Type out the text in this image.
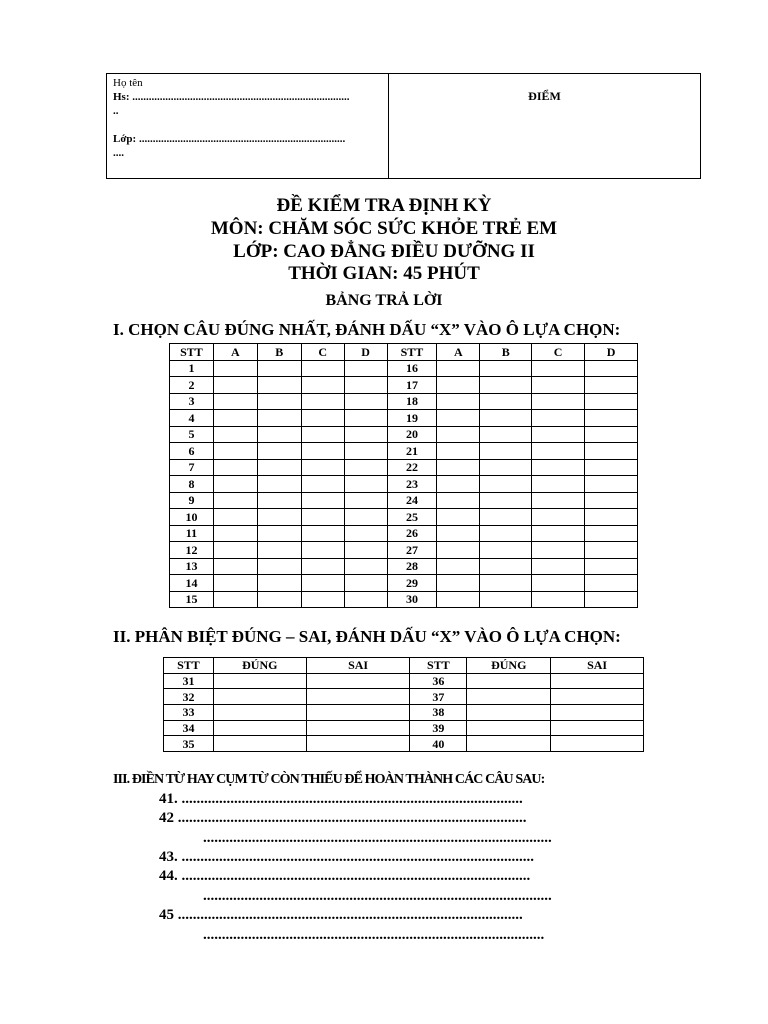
Họ tên
Hs: ...............................................................................
..
Lớp: ...........................................................................
....
ĐIỂM
ĐỀ KIỂM TRA ĐỊNH KỲ
MÔN: CHĂM SÓC SỨC KHỎE TRẺ EM
LỚP: CAO ĐẲNG ĐIỀU DƯỠNG II
THỜI GIAN: 45 PHÚT
BẢNG TRẢ LỜI
I. CHỌN CÂU ĐÚNG NHẤT, ĐÁNH DẤU “X” VÀO Ô LỰA CHỌN:
STT	A	B	C	D	STT	A	B	C	D
1					16				
2					17				
3					18				
4					19				
5					20				
6					21				
7					22				
8					23				
9					24				
10					25				
11					26				
12					27				
13					28				
14					29				
15					30				
II. PHÂN BIỆT ĐÚNG – SAI, ĐÁNH DẤU “X” VÀO Ô LỰA CHỌN:
STT	ĐÚNG	SAI	STT	ĐÚNG	SAI
31			36		
32			37		
33			38		
34			39		
35			40		
III. ĐIỀN TỪ HAY CỤM TỪ CÒN THIẾU ĐỂ HOÀN THÀNH CÁC CÂU SAU:
41. ...........................................................................................
42 .............................................................................................
.............................................................................................
43. ..............................................................................................
44. .............................................................................................
.............................................................................................
45 ............................................................................................
...........................................................................................
